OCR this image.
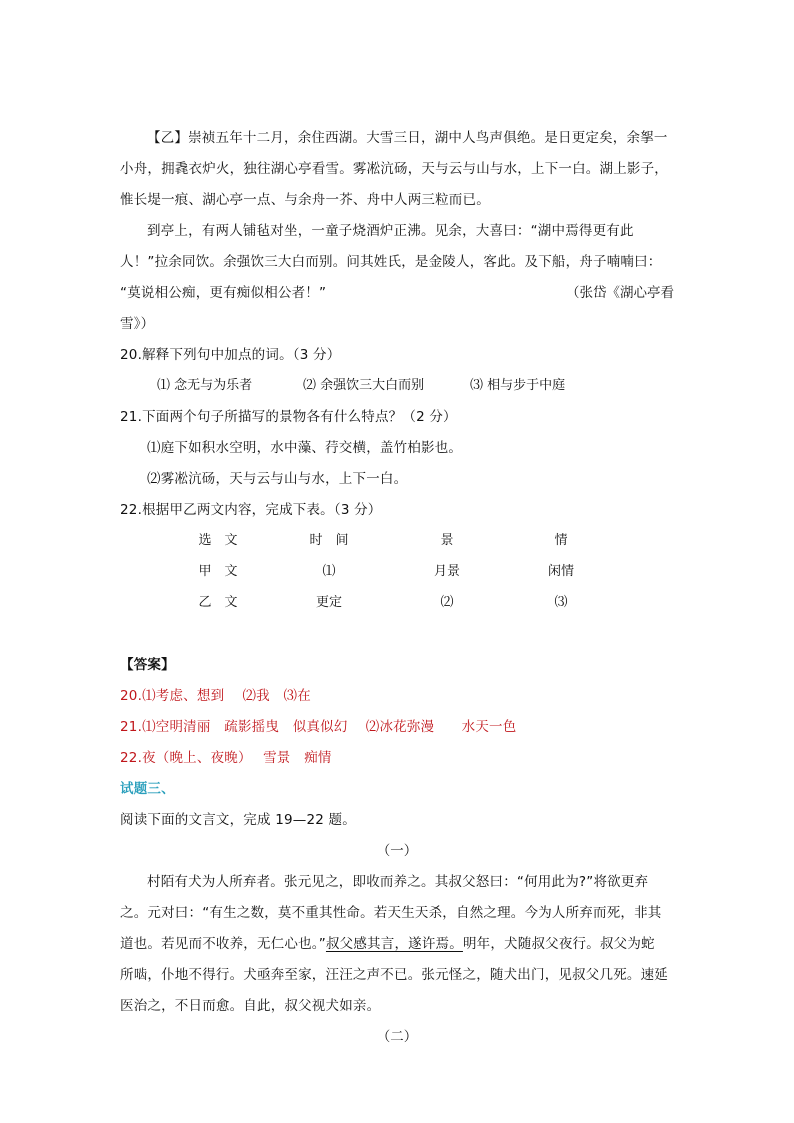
【乙】崇祯五年十二月，余住西湖。大雪三日，湖中人鸟声俱绝。是日更定矣，余挐一
小舟，拥毳衣炉火，独往湖心亭看雪。雾凇沆砀，天与云与山与水，上下一白。湖上影子，
惟长堤一痕、湖心亭一点、与余舟一芥、舟中人两三粒而已。
到亭上，有两人铺毡对坐，一童子烧酒炉正沸。见余，大喜曰：“湖中焉得更有此
人！”拉余同饮。余强饮三大白而别。问其姓氏，是金陵人，客此。及下船，舟子喃喃曰：
“莫说相公痴，更有痴似相公者！”	（张岱《湖心亭看
雪》）
20.解释下列句中加点的词。（3 分）
⑴ 念无与为乐者	⑵ 余强饮三大白而别	⑶ 相与步于中庭
21.下面两个句子所描写的景物各有什么特点？（2 分）
⑴庭下如积水空明，水中藻、荇交横，盖竹柏影也。
⑵雾凇沆砀，天与云与山与水，上下一白。
22.根据甲乙两文内容，完成下表。（3 分）
选　文	时　间	景	情
甲　文	⑴	月景	闲情
乙　文	更定	⑵	⑶
【答案】
20.⑴考虑、想到　 ⑵我　⑶在
21.⑴空明清丽　疏影摇曳　似真似幻　 ⑵冰花弥漫　　水天一色
22.夜（晚上、夜晚）　 雪景　痴情
试题三、
阅读下面的文言文，完成 19—22 题。
（一）
村陌有犬为人所弃者。张元见之，即收而养之。其叔父怒曰：“何用此为?”将欲更弃
之。元对曰：“有生之数，莫不重其性命。若天生天杀，自然之理。今为人所弃而死，非其
道也。若见而不收养，无仁心也。”叔父感其言，遂许焉。明年，犬随叔父夜行。叔父为蛇
所啮，仆地不得行。犬亟奔至家，汪汪之声不已。张元怪之，随犬出门，见叔父几死。速延
医治之，不日而愈。自此，叔父视犬如亲。
（二）
